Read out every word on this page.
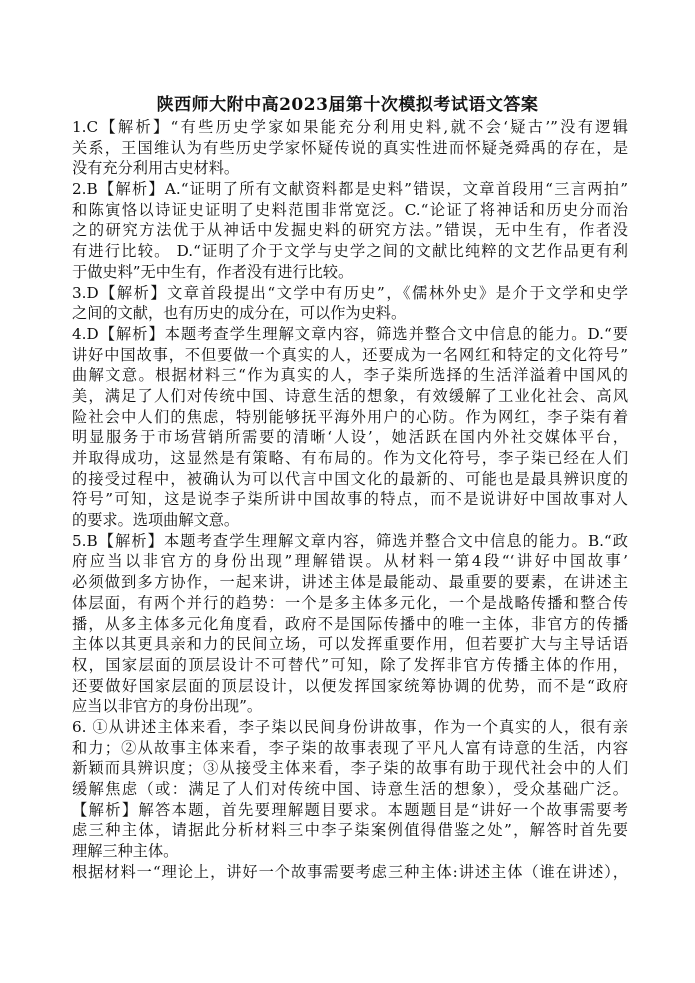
陕西师大附中高2023届第十次模拟考试语文答案
1.C【解析】“有些历史学家如果能充分利用史料,就不会‘疑古’”没有逻辑
关系，王国维认为有些历史学家怀疑传说的真实性进而怀疑尧舜禹的存在，是
没有充分利用古史材料。
2.B【解析】A.“证明了所有文献资料都是史料”错误，文章首段用“三言两拍”
和陈寅恪以诗证史证明了史料范围非常宽泛。C.“论证了将神话和历史分而治
之的研究方法优于从神话中发掘史料的研究方法。”错误，无中生有，作者没
有进行比较。 D.“证明了介于文学与史学之间的文献比纯粹的文艺作品更有利
于做史料”无中生有，作者没有进行比较。
3.D【解析】文章首段提出“文学中有历史”，《儒林外史》是介于文学和史学
之间的文献，也有历史的成分在，可以作为史料。
4.D【解析】本题考查学生理解文章内容，筛选并整合文中信息的能力。D.“要
讲好中国故事，不但要做一个真实的人，还要成为一名网红和特定的文化符号”
曲解文意。根据材料三“作为真实的人，李子柒所选择的生活洋溢着中国风的
美，满足了人们对传统中国、诗意生活的想象，有效缓解了工业化社会、高风
险社会中人们的焦虑，特别能够抚平海外用户的心防。作为网红，李子柒有着
明显服务于市场营销所需要的清晰‘人设’，她活跃在国内外社交媒体平台，
并取得成功，这显然是有策略、有布局的。作为文化符号，李子柒已经在人们
的接受过程中，被确认为可以代言中国文化的最新的、可能也是最具辨识度的
符号”可知，这是说李子柒所讲中国故事的特点，而不是说讲好中国故事对人
的要求。选项曲解文意。
5.B【解析】本题考查学生理解文章内容，筛选并整合文中信息的能力。B.“政
府应当以非官方的身份出现”理解错误。从材料一第4段“‘讲好中国故事’
必须做到多方协作，一起来讲，讲述主体是最能动、最重要的要素，在讲述主
体层面，有两个并行的趋势：一个是多主体多元化，一个是战略传播和整合传
播，从多主体多元化角度看，政府不是国际传播中的唯一主体，非官方的传播
主体以其更具亲和力的民间立场，可以发挥重要作用，但若要扩大与主导话语
权，国家层面的顶层设计不可替代”可知，除了发挥非官方传播主体的作用，
还要做好国家层面的顶层设计，以便发挥国家统筹协调的优势，而不是“政府
应当以非官方的身份出现”。
6. ①从讲述主体来看，李子柒以民间身份讲故事，作为一个真实的人，很有亲
和力；②从故事主体来看，李子柒的故事表现了平凡人富有诗意的生活，内容
新颖而具辨识度；③从接受主体来看，李子柒的故事有助于现代社会中的人们
缓解焦虑（或：满足了人们对传统中国、诗意生活的想象），受众基础广泛。
【解析】解答本题，首先要理解题目要求。本题题目是“讲好一个故事需要考
虑三种主体，请据此分析材料三中李子柒案例值得借鉴之处”，解答时首先要
理解三种主体。
根据材料一“理论上，讲好一个故事需要考虑三种主体:讲述主体（谁在讲述），
